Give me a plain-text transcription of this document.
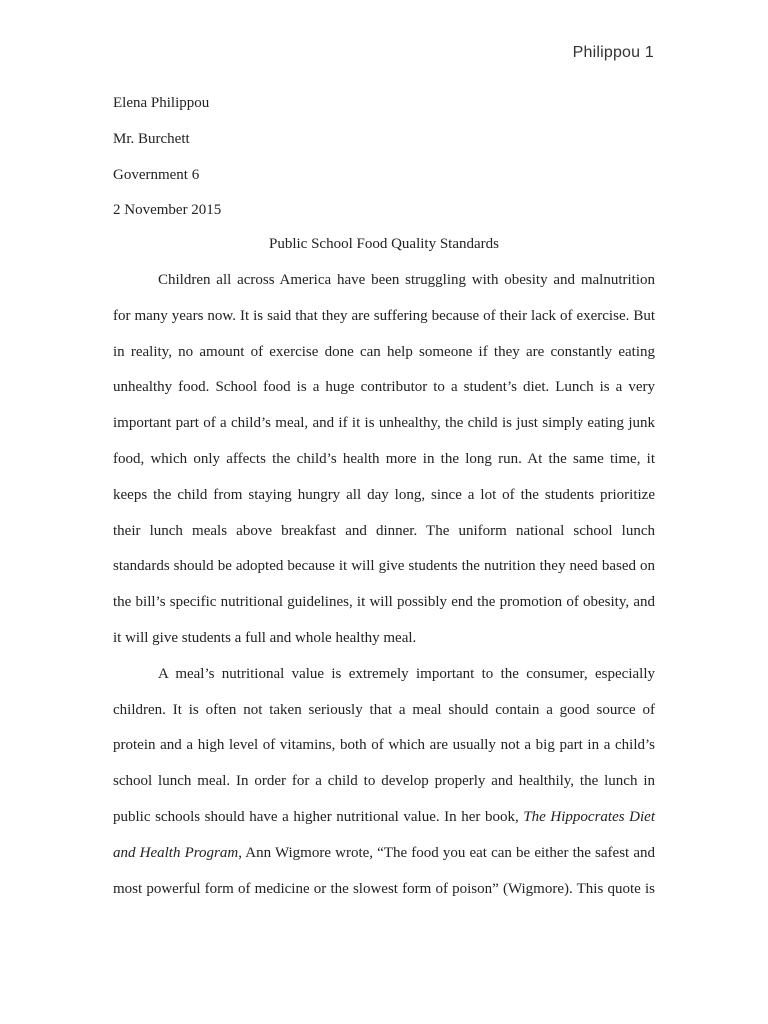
Philippou 1
Elena Philippou
Mr. Burchett
Government 6
2 November 2015
Public School Food Quality Standards
Children all across America have been struggling with obesity and malnutrition
for many years now. It is said that they are suffering because of their lack of exercise. But
in reality, no amount of exercise done can help someone if they are constantly eating
unhealthy food. School food is a huge contributor to a student’s diet. Lunch is a very
important part of a child’s meal, and if it is unhealthy, the child is just simply eating junk
food, which only affects the child’s health more in the long run. At the same time, it
keeps the child from staying hungry all day long, since a lot of the students prioritize
their lunch meals above breakfast and dinner. The uniform national school lunch
standards should be adopted because it will give students the nutrition they need based on
the bill’s specific nutritional guidelines, it will possibly end the promotion of obesity, and
it will give students a full and whole healthy meal.
A meal’s nutritional value is extremely important to the consumer, especially
children. It is often not taken seriously that a meal should contain a good source of
protein and a high level of vitamins, both of which are usually not a big part in a child’s
school lunch meal. In order for a child to develop properly and healthily, the lunch in
public schools should have a higher nutritional value. In her book, The Hippocrates Diet
and Health Program, Ann Wigmore wrote, “The food you eat can be either the safest and
most powerful form of medicine or the slowest form of poison” (Wigmore). This quote is
